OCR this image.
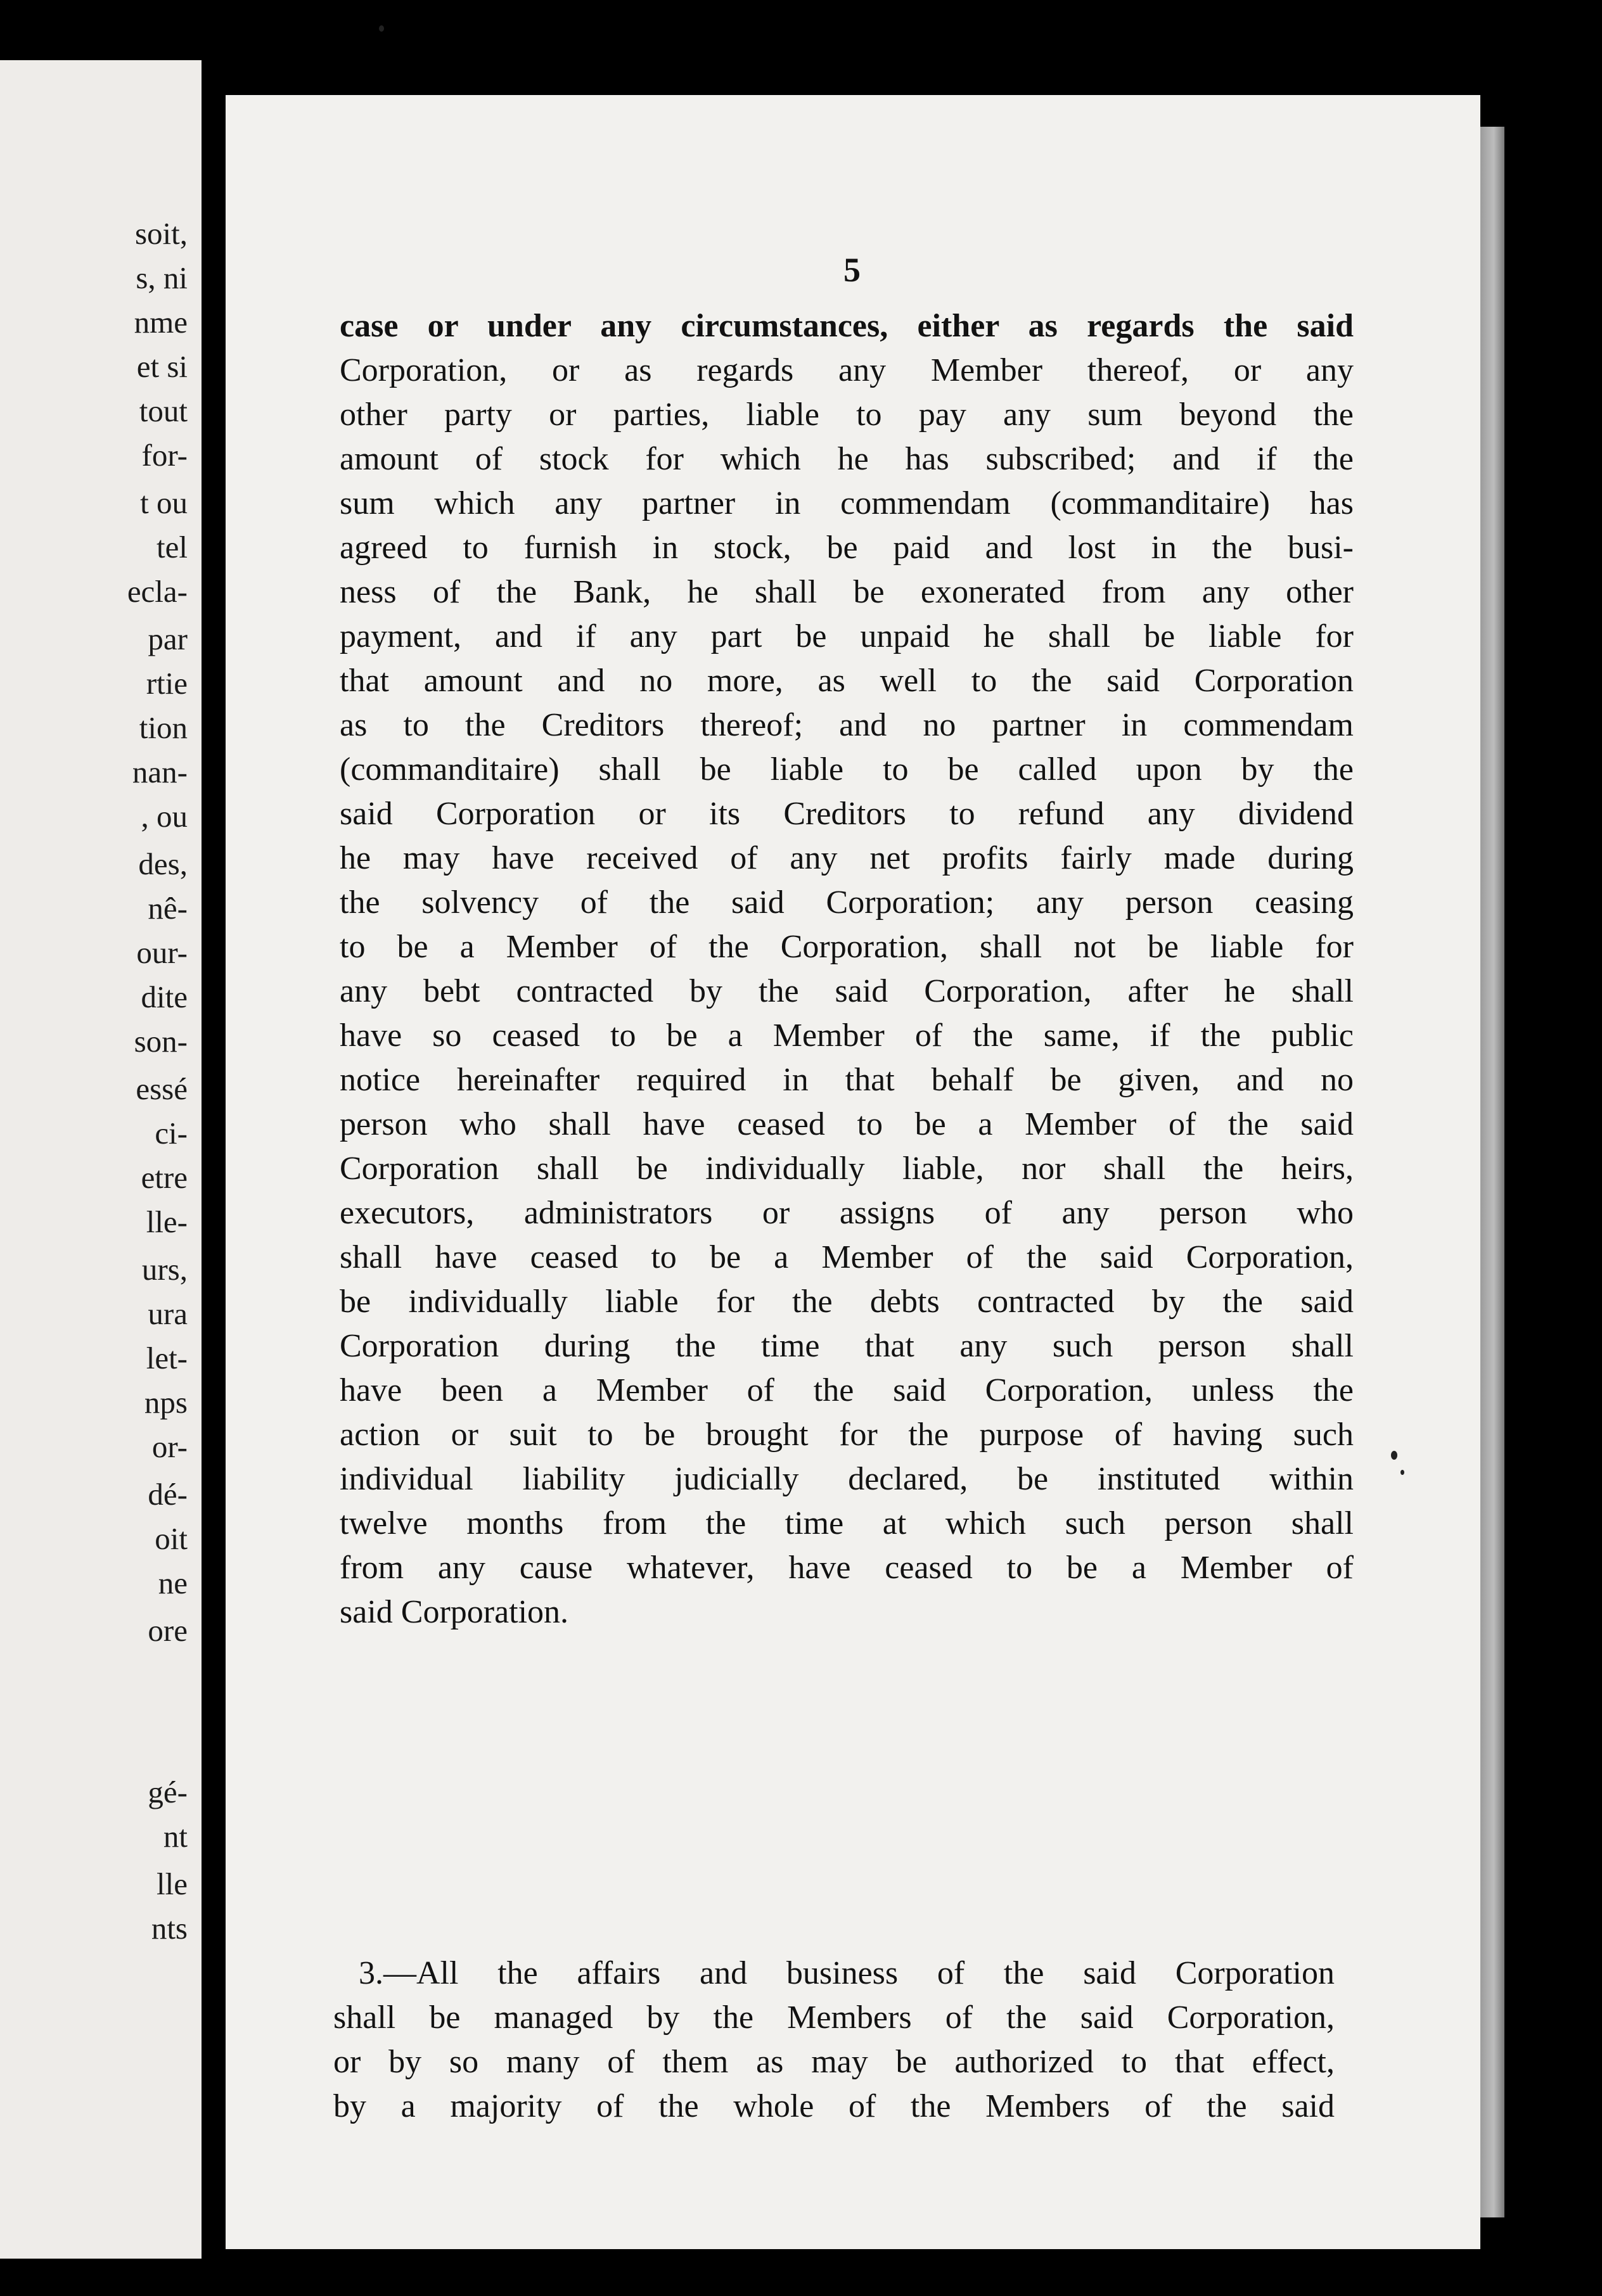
soit,
s, ni
nme
et si
tout
for-
t ou
tel
ecla-
par
rtie
tion
nan-
, ou
des,
nê-
our-
dite
son-
essé
ci-
etre
lle-
urs,
ura
let-
nps
or-
dé-
oit
ne
ore
gé-
nt
lle
nts
5
case or under any circumstances, either as regards the said
Corporation, or as regards any Member thereof, or any
other party or parties, liable to pay any sum beyond the
amount of stock for which he has subscribed; and if the
sum which any partner in commendam (commanditaire) has
agreed to furnish in stock, be paid and lost in the busi-
ness of the Bank, he shall be exonerated from any other
payment, and if any part be unpaid he shall be liable for
that amount and no more, as well to the said Corporation
as to the Creditors thereof; and no partner in commendam
(commanditaire) shall be liable to be called upon by the
said Corporation or its Creditors to refund any dividend
he may have received of any net profits fairly made during
the solvency of the said Corporation; any person ceasing
to be a Member of the Corporation, shall not be liable for
any bebt contracted by the said Corporation, after he shall
have so ceased to be a Member of the same, if the public
notice hereinafter required in that behalf be given, and no
person who shall have ceased to be a Member of the said
Corporation shall be individually liable, nor shall the heirs,
executors, administrators or assigns of any person who
shall have ceased to be a Member of the said Corporation,
be individually liable for the debts contracted by the said
Corporation during the time that any such person shall
have been a Member of the said Corporation, unless the
action or suit to be brought for the purpose of having such
individual liability judicially declared, be instituted within
twelve months from the time at which such person shall
from any cause whatever, have ceased to be a Member of
said Corporation.
3.—All the affairs and business of the said Corporation
shall be managed by the Members of the said Corporation,
or by so many of them as may be authorized to that effect,
by a majority of the whole of the Members of the said
